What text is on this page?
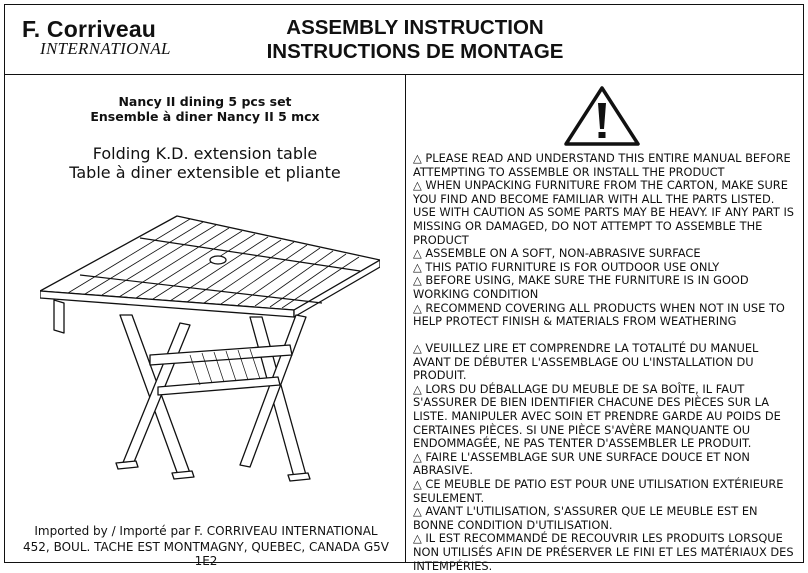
F. Corriveau
INTERNATIONAL
ASSEMBLY INSTRUCTION
INSTRUCTIONS DE MONTAGE
Nancy II dining 5 pcs set
Ensemble à diner Nancy II 5 mcx
Folding K.D. extension table
Table à diner extensible et pliante
Imported by / Importé par F. CORRIVEAU INTERNATIONAL
452, BOUL. TACHE EST MONTMAGNY, QUEBEC, CANADA G5V 1E2

△ PLEASE READ AND UNDERSTAND THIS ENTIRE MANUAL BEFORE ATTEMPTING TO ASSEMBLE OR INSTALL THE PRODUCT

△ WHEN UNPACKING FURNITURE FROM THE CARTON, MAKE SURE YOU FIND AND BECOME FAMILIAR WITH ALL THE PARTS LISTED. USE WITH CAUTION AS SOME PARTS MAY BE HEAVY. IF ANY PART IS MISSING OR DAMAGED, DO NOT ATTEMPT TO ASSEMBLE THE PRODUCT

△ ASSEMBLE ON A SOFT, NON-ABRASIVE SURFACE

△ THIS PATIO FURNITURE IS FOR OUTDOOR USE ONLY

△ BEFORE USING, MAKE SURE THE FURNITURE IS IN GOOD WORKING CONDITION

△ RECOMMEND COVERING ALL PRODUCTS WHEN NOT IN USE TO HELP PROTECT FINISH & MATERIALS FROM WEATHERING

△ VEUILLEZ LIRE ET COMPRENDRE LA TOTALITÉ DU MANUEL AVANT DE DÉBUTER L'ASSEMBLAGE OU L'INSTALLATION DU PRODUIT.

△ LORS DU DÉBALLAGE DU MEUBLE DE SA BOÎTE, IL FAUT S'ASSURER DE BIEN IDENTIFIER CHACUNE DES PIÈCES SUR LA LISTE. MANIPULER AVEC SOIN ET PRENDRE GARDE AU POIDS DE CERTAINES PIÈCES. SI UNE PIÈCE S'AVÈRE MANQUANTE OU ENDOMMAGÉE, NE PAS TENTER D'ASSEMBLER LE PRODUIT.

△ FAIRE L'ASSEMBLAGE SUR UNE SURFACE DOUCE ET NON ABRASIVE.

△ CE MEUBLE DE PATIO EST POUR UNE UTILISATION EXTÉRIEURE SEULEMENT.

△ AVANT L'UTILISATION, S'ASSURER QUE LE MEUBLE EST EN BONNE CONDITION D'UTILISATION.

△ IL EST RECOMMANDÉ DE RECOUVRIR LES PRODUITS LORSQUE NON UTILISÉS AFIN DE PRÉSERVER LE FINI ET LES MATÉRIAUX DES INTEMPÉRIES.
